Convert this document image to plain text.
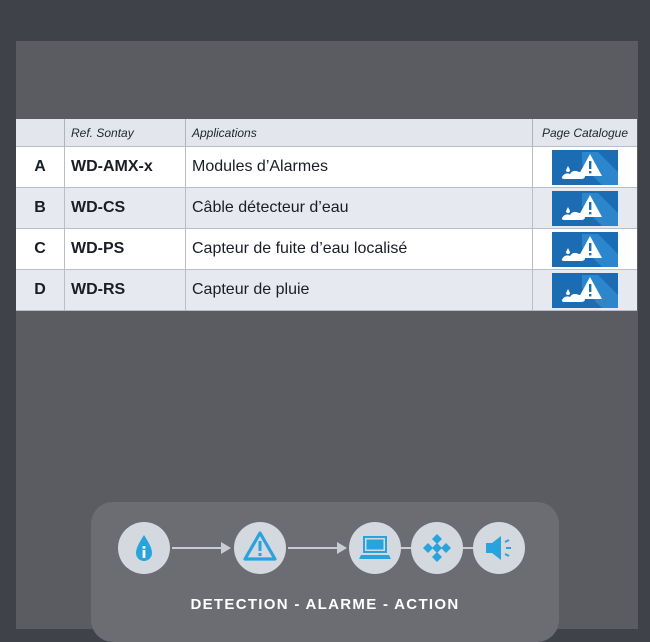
	Ref. Sontay	Applications	Page Catalogue
A	WD-AMX-x	Modules d’Alarmes	

B	WD-CS	Câble détecteur d’eau	

C	WD-PS	Capteur de fuite d’eau localisé	

D	WD-RS	Capteur de pluie	
DETECTION - ALARME - ACTION
